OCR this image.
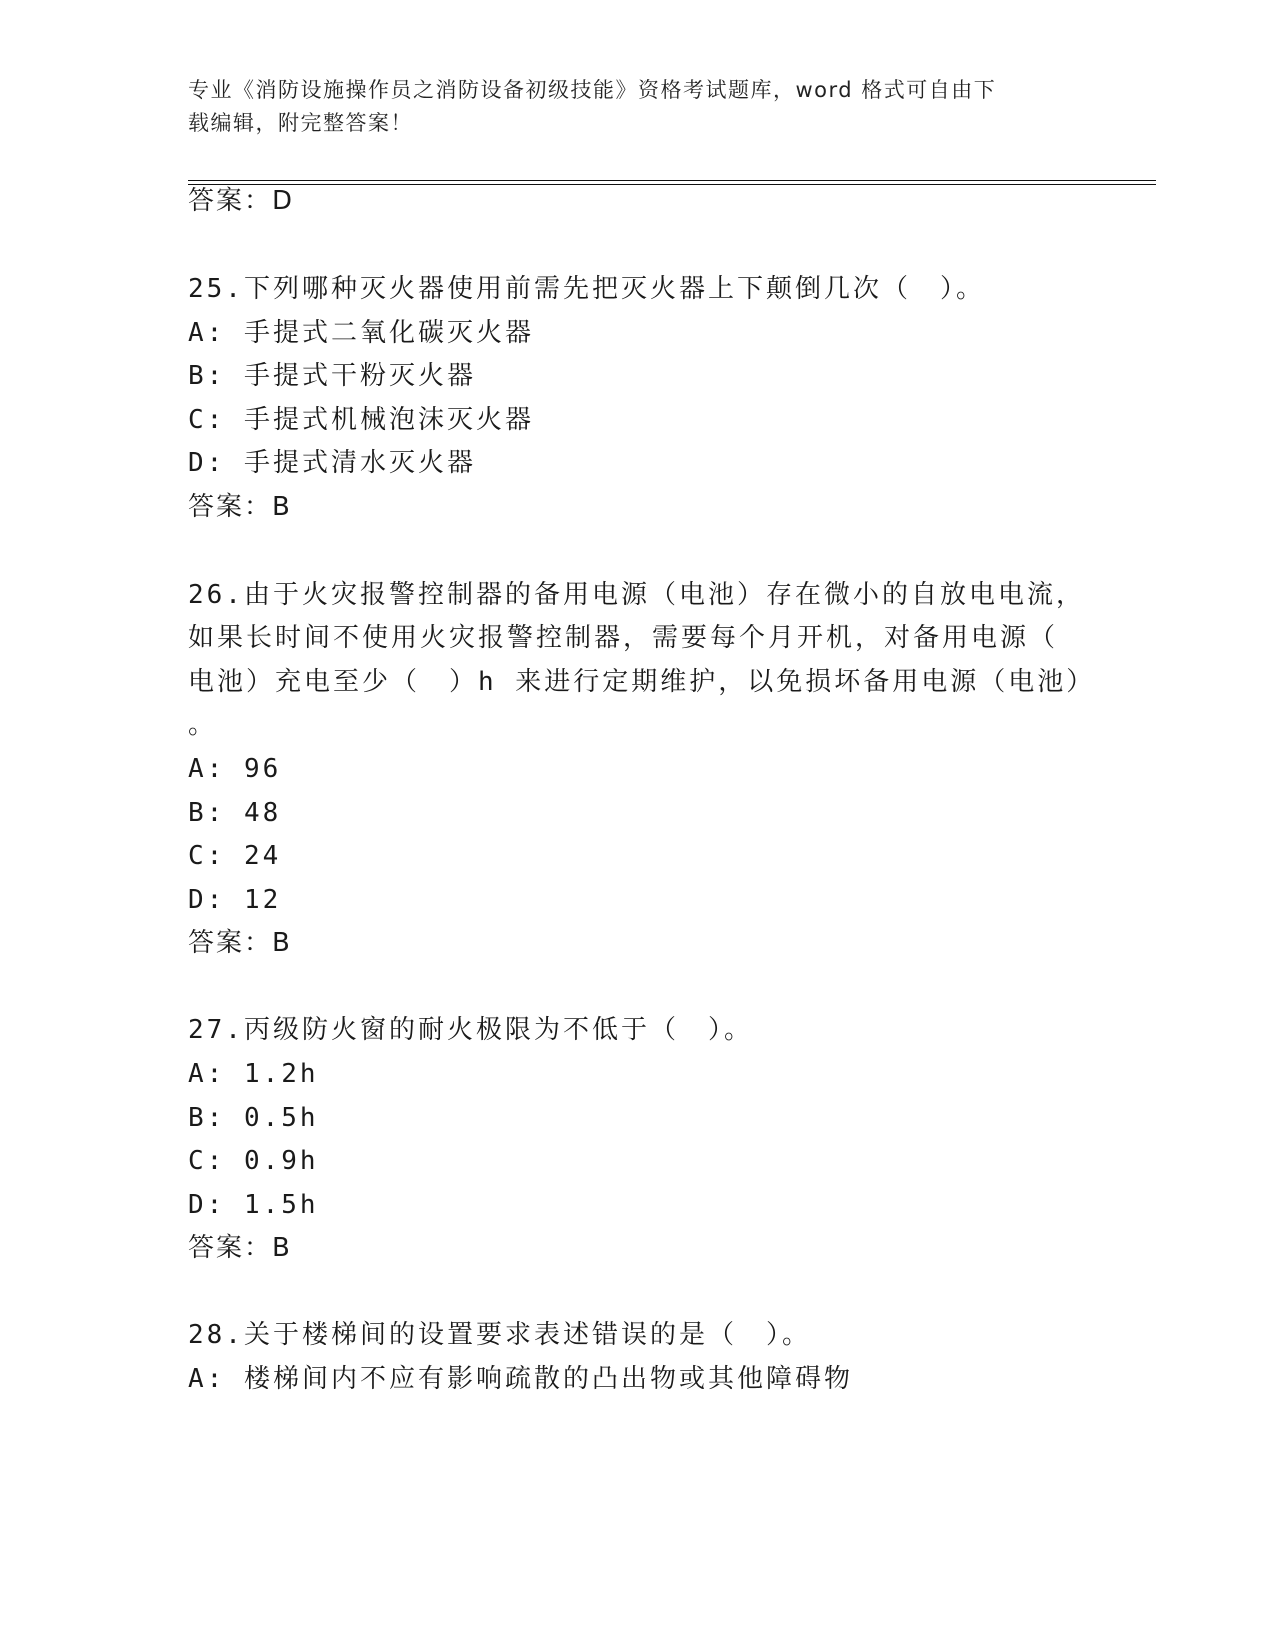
专业《消防设施操作员之消防设备初级技能》资格考试题库，word 格式可自由下
载编辑，附完整答案！
答案：D
25.下列哪种灭火器使用前需先把灭火器上下颠倒几次（　）。
A: 手提式二氧化碳灭火器
B: 手提式干粉灭火器
C: 手提式机械泡沫灭火器
D: 手提式清水灭火器
答案：B
26.由于火灾报警控制器的备用电源（电池）存在微小的自放电电流，
如果长时间不使用火灾报警控制器，需要每个月开机，对备用电源（
电池）充电至少（　）h 来进行定期维护，以免损坏备用电源（电池）
。
A: 96
B: 48
C: 24
D: 12
答案：B
27.丙级防火窗的耐火极限为不低于（　）。
A: 1.2h
B: 0.5h
C: 0.9h
D: 1.5h
答案：B
28.关于楼梯间的设置要求表述错误的是（　）。
A: 楼梯间内不应有影响疏散的凸出物或其他障碍物
